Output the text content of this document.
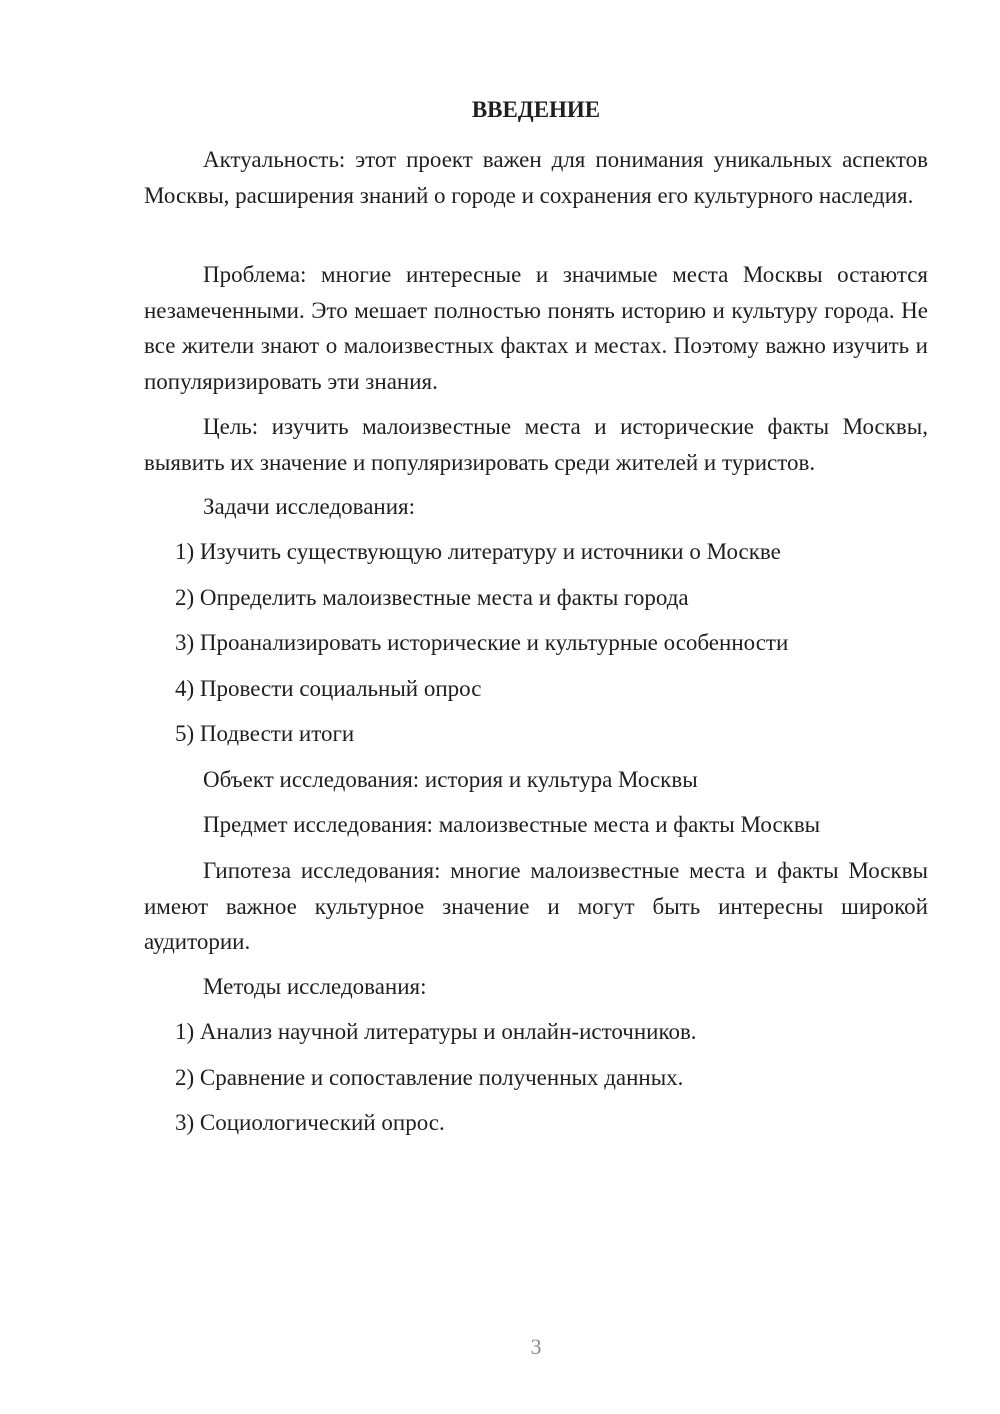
ВВЕДЕНИЕ

Актуальность: этот проект важен для понимания уникальных аспектов Москвы, расширения знаний о городе и сохранения его культурного наследия.

Проблема: многие интересные и значимые места Москвы остаются незамеченными. Это мешает полностью понять историю и культуру города. Не все жители знают о малоизвестных фактах и местах. Поэтому важно изучить и популяризировать эти знания.

Цель: изучить малоизвестные места и исторические факты Москвы, выявить их значение и популяризировать среди жителей и туристов.

Задачи исследования:

1) Изучить существующую литературу и источники о Москве

2) Определить малоизвестные места и факты города

3) Проанализировать исторические и культурные особенности

4) Провести социальный опрос

5) Подвести итоги

Объект исследования: история и культура Москвы

Предмет исследования: малоизвестные места и факты Москвы

Гипотеза исследования: многие малоизвестные места и факты Москвы имеют важное культурное значение и могут быть интересны широкой аудитории.

Методы исследования:

1) Анализ научной литературы и онлайн-источников.

2) Сравнение и сопоставление полученных данных.

3) Социологический опрос.

3
